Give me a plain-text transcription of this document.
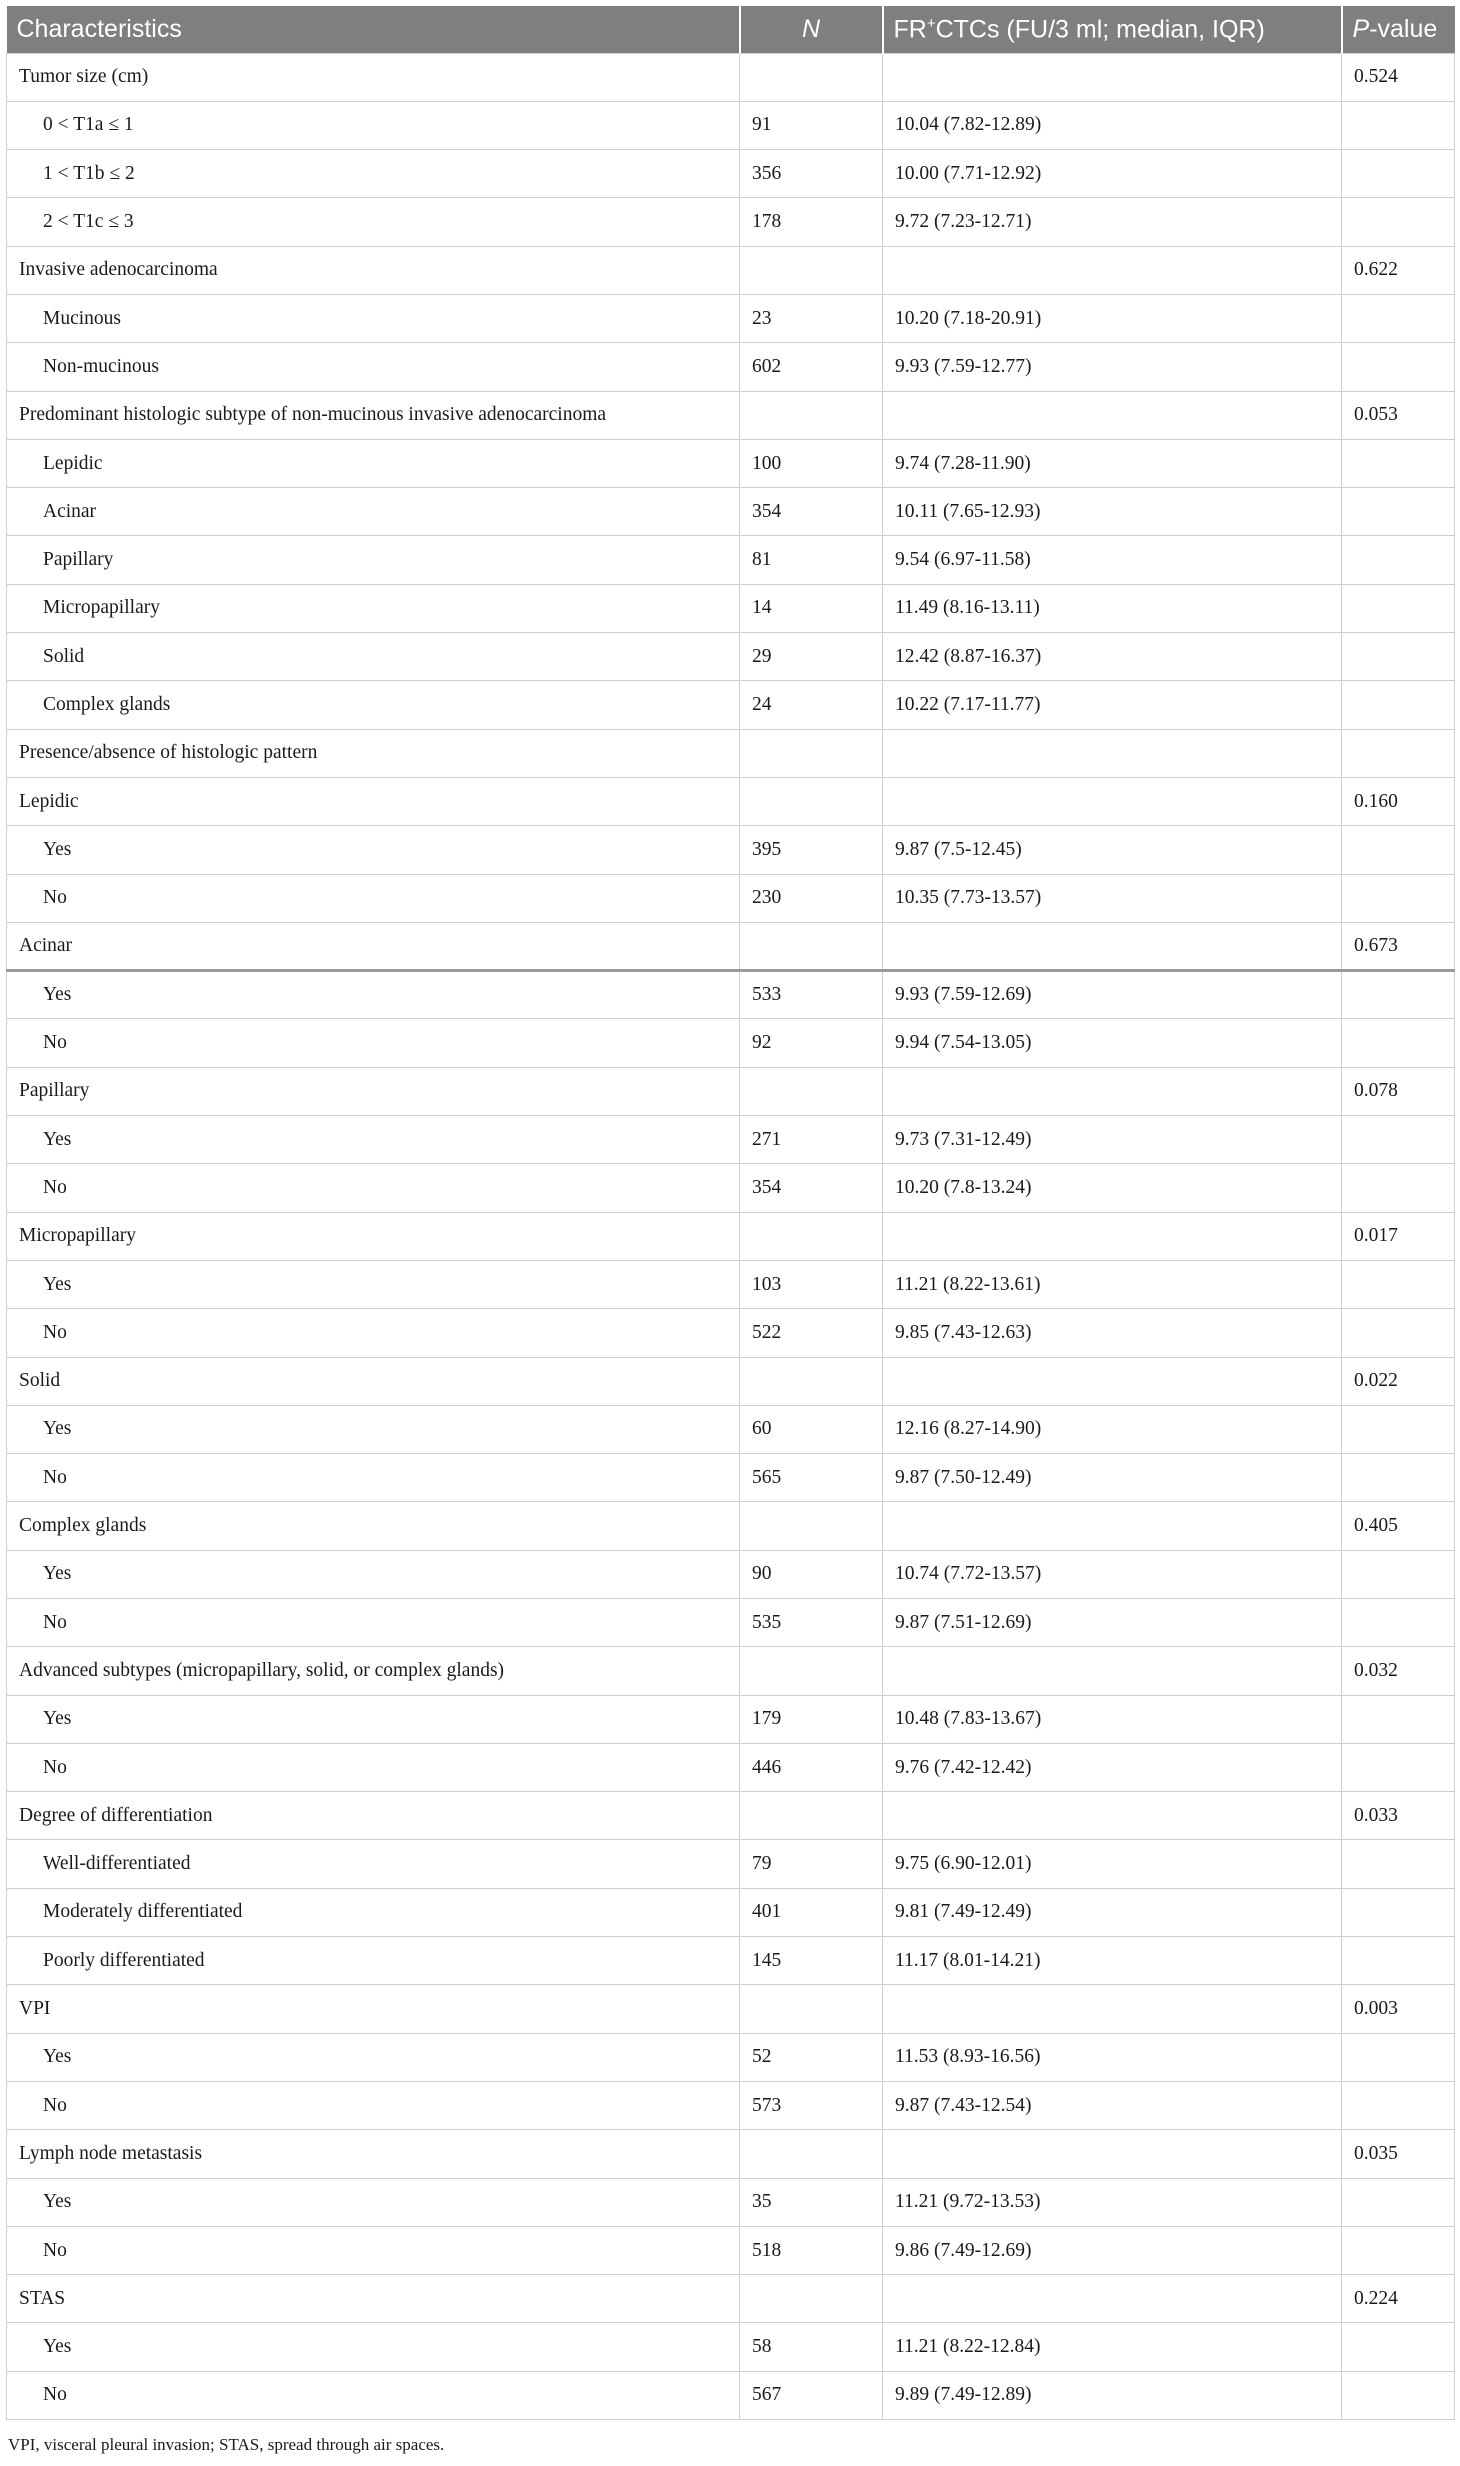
Characteristics	N	FR+CTCs (FU/3 ml; median, IQR)	P-value
Tumor size (cm)			0.524
0 < T1a ≤ 1	91	10.04 (7.82-12.89)	
1 < T1b ≤ 2	356	10.00 (7.71-12.92)	
2 < T1c ≤ 3	178	9.72 (7.23-12.71)	
Invasive adenocarcinoma			0.622
Mucinous	23	10.20 (7.18-20.91)	
Non-mucinous	602	9.93 (7.59-12.77)	
Predominant histologic subtype of non-mucinous invasive adenocarcinoma			0.053
Lepidic	100	9.74 (7.28-11.90)	
Acinar	354	10.11 (7.65-12.93)	
Papillary	81	9.54 (6.97-11.58)	
Micropapillary	14	11.49 (8.16-13.11)	
Solid	29	12.42 (8.87-16.37)	
Complex glands	24	10.22 (7.17-11.77)	
Presence/absence of histologic pattern			
Lepidic			0.160
Yes	395	9.87 (7.5-12.45)	
No	230	10.35 (7.73-13.57)	
Acinar			0.673
Yes	533	9.93 (7.59-12.69)	
No	92	9.94 (7.54-13.05)	
Papillary			0.078
Yes	271	9.73 (7.31-12.49)	
No	354	10.20 (7.8-13.24)	
Micropapillary			0.017
Yes	103	11.21 (8.22-13.61)	
No	522	9.85 (7.43-12.63)	
Solid			0.022
Yes	60	12.16 (8.27-14.90)	
No	565	9.87 (7.50-12.49)	
Complex glands			0.405
Yes	90	10.74 (7.72-13.57)	
No	535	9.87 (7.51-12.69)	
Advanced subtypes (micropapillary, solid, or complex glands)			0.032
Yes	179	10.48 (7.83-13.67)	
No	446	9.76 (7.42-12.42)	
Degree of differentiation			0.033
Well-differentiated	79	9.75 (6.90-12.01)	
Moderately differentiated	401	9.81 (7.49-12.49)	
Poorly differentiated	145	11.17 (8.01-14.21)	
VPI			0.003
Yes	52	11.53 (8.93-16.56)	
No	573	9.87 (7.43-12.54)	
Lymph node metastasis			0.035
Yes	35	11.21 (9.72-13.53)	
No	518	9.86 (7.49-12.69)	
STAS			0.224
Yes	58	11.21 (8.22-12.84)	
No	567	9.89 (7.49-12.89)	
VPI, visceral pleural invasion; STAS, spread through air spaces.
